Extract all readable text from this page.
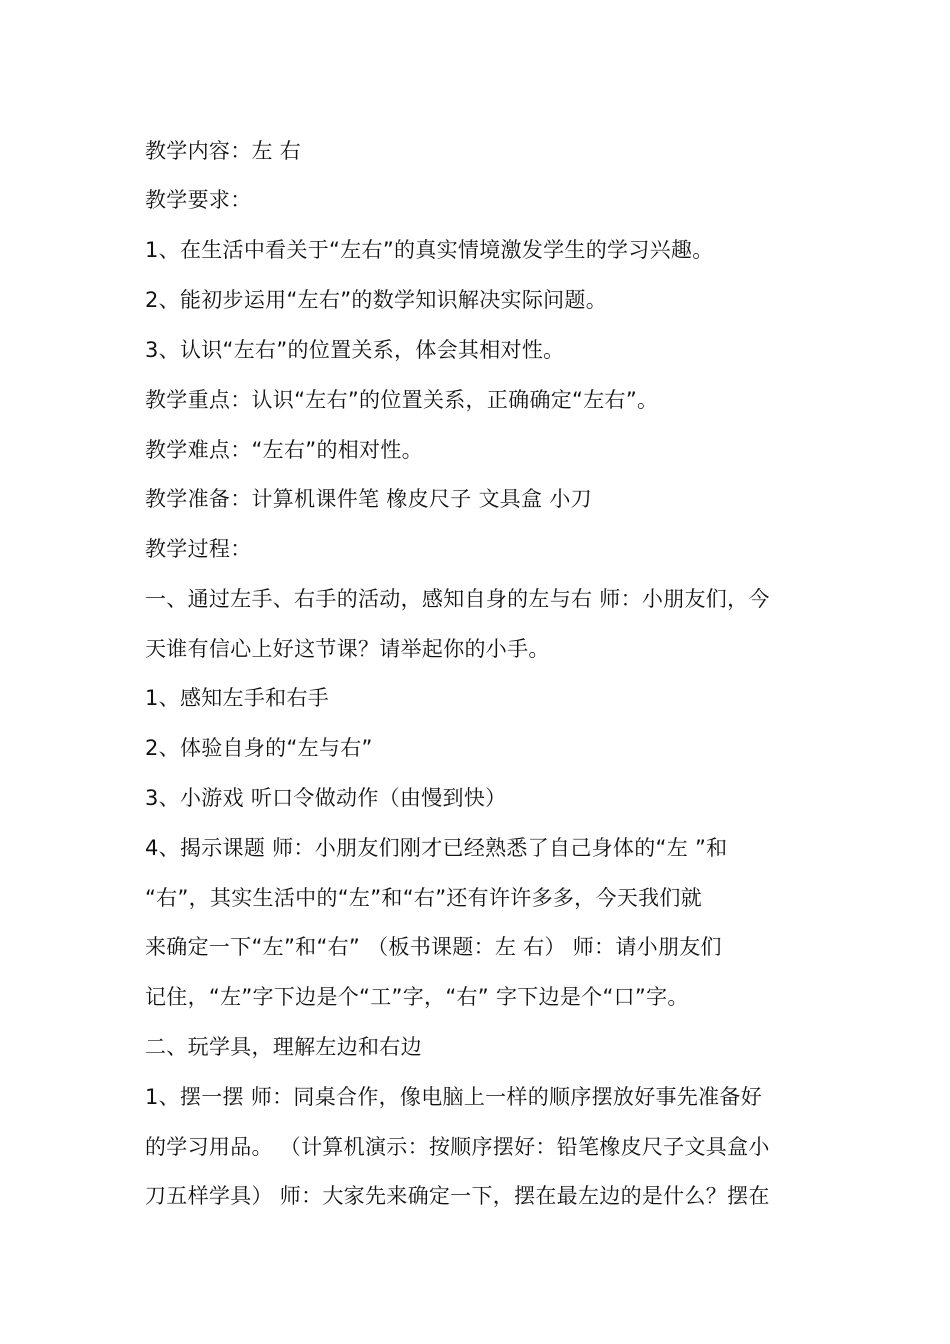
教学内容：左 右
教学要求：
1、在生活中看关于“左右”的真实情境激发学生的学习兴趣。
2、能初步运用“左右”的数学知识解决实际问题。
3、认识“左右”的位置关系，体会其相对性。
教学重点：认识“左右”的位置关系，正确确定“左右”。
教学难点：“左右”的相对性。
教学准备：计算机课件笔 橡皮尺子 文具盒 小刀
教学过程：
一、通过左手、右手的活动，感知自身的左与右 师：小朋友们，今
天谁有信心上好这节课？请举起你的小手。
1、感知左手和右手
2、体验自身的“左与右”
3、小游戏 听口令做动作（由慢到快）
4、揭示课题 师：小朋友们刚才已经熟悉了自己身体的“左 ”和
“右”，其实生活中的“左”和“右”还有许许多多，今天我们就
来确定一下“左”和“右” （板书课题：左 右） 师：请小朋友们
记住，“左”字下边是个“工”字，“右” 字下边是个“口”字。
二、玩学具，理解左边和右边
1、摆一摆 师：同桌合作，像电脑上一样的顺序摆放好事先准备好
的学习用品。 （计算机演示：按顺序摆好：铅笔橡皮尺子文具盒小
刀五样学具） 师：大家先来确定一下，摆在最左边的是什么？摆在
